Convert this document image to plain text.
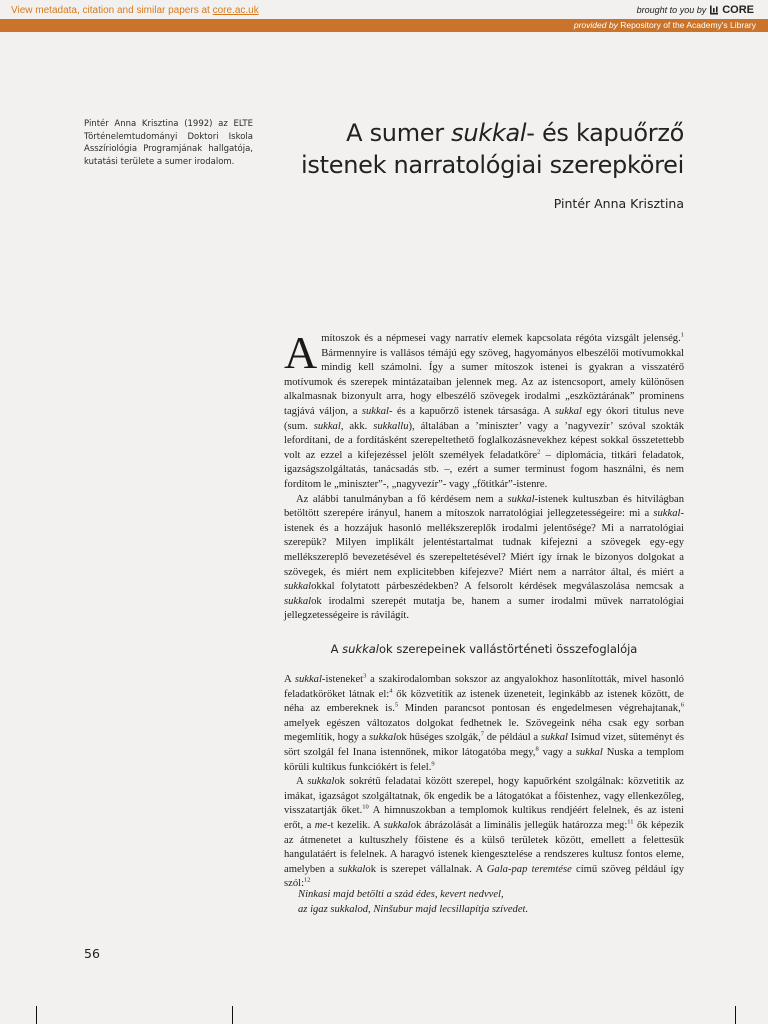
View metadata, citation and similar papers at core.ac.uk	brought to you by CORE
provided by Repository of the Academy's Library
Pintér Anna Krisztina (1992) az ELTE Történelemtudományi Doktori Iskola Asszíriológia Programjának hallgatója, kutatási területe a sumer irodalom.
A sumer sukkal- és kapuőrző
istenek narratológiai szerepkörei
Pintér Anna Krisztina

Amítoszok és a népmesei vagy narratív elemek kapcsolata régóta vizsgált jelenség.$^1$ Bármennyire is vallásos témájú egy szöveg, hagyományos elbeszélői motívumokkal mindig kell számolni. Így a sumer mítoszok istenei is gyakran a visszatérő motívumok és szerepek mintázataiban jelennek meg. Az az istencsoport, amely különösen alkalmasnak bizonyult arra, hogy elbeszélő szövegek irodalmi „eszköztárának” prominens tagjává váljon, a sukkal- és a kapuőrző istenek társasága. A sukkal egy ókori titulus neve (sum. sukkal, akk. sukkallu), általában a ’miniszter’ vagy a ’nagyvezír’ szóval szokták lefordítani, de a fordításként szerepeltethető foglalkozásnevekhez képest sokkal összetettebb volt az ezzel a kifejezéssel jelölt személyek feladatköre$^2$ – diplomácia, titkári feladatok, igazságszolgáltatás, tanácsadás stb. –, ezért a sumer terminust fogom használni, és nem fordítom le „miniszter”-, „nagyvezír”- vagy „főtitkár”-istenre.

Az alábbi tanulmányban a fő kérdésem nem a sukkal-istenek kultuszban és hitvilágban betöltött szerepére irányul, hanem a mítoszok narratológiai jellegzetességeire: mi a sukkal-istenek és a hozzájuk hasonló mellékszereplők irodalmi jelentősége? Mi a narratológiai szerepük? Milyen implikált jelentéstartalmat tudnak kifejezni a szövegek egy-egy mellékszereplő bevezetésével és szerepeltetésével? Miért így írnak le bizonyos dolgokat a szövegek, és miért nem explicitebben kifejezve? Miért nem a narrátor által, és miért a sukkalokkal folytatott párbeszédekben? A felsorolt kérdések megválaszolása nemcsak a sukkalok irodalmi szerepét mutatja be, hanem a sumer irodalmi művek narratológiai jellegzetességeire is rávilágít.

A sukkalok szerepeinek vallástörténeti összefoglalója

A sukkal-isteneket$^3$ a szakirodalomban sokszor az angyalokhoz hasonlították, mivel hasonló feladatköröket látnak el:$^4$ ők közvetítik az istenek üzeneteit, leginkább az istenek között, de néha az embereknek is.$^5$ Minden parancsot pontosan és engedelmesen végrehajtanak,$^6$ amelyek egészen változatos dolgokat fedhetnek le. Szövegeink néha csak egy sorban megemlítik, hogy a sukkalok hűséges szolgák,$^7$ de például a sukkal Isimud vizet, süteményt és sört szolgál fel Inana istennőnek, mikor látogatóba megy,$^8$ vagy a sukkal Nuska a templom körüli kultikus funkciókért is felel.$^9$

A sukkalok sokrétű feladatai között szerepel, hogy kapuőrként szolgálnak: közvetitik az imákat, igazságot szolgáltatnak, ők engedik be a látogatókat a főistenhez, vagy ellenkezőleg, visszatartják őket.$^{10}$ A himnuszokban a templomok kultikus rendjéért felelnek, és az isteni erőt, a me-t kezelik. A sukkalok ábrázolását a liminális jellegük határozza meg:$^{11}$ ők képezik az átmenetet a kultuszhely főistene és a külső területek között, emellett a felettesük hangulatáért is felelnek. A haragvó istenek kiengesztelése a rendszeres kultusz fontos eleme, amelyben a sukkalok is szerepet vállalnak. A Gala-pap teremtése című szöveg például így szól:$^{12}$

Ninkasi majd betölti a szád édes, kevert nedvvel,
az igaz sukkalod, Ninšubur majd lecsillapítja szívedet.
56
